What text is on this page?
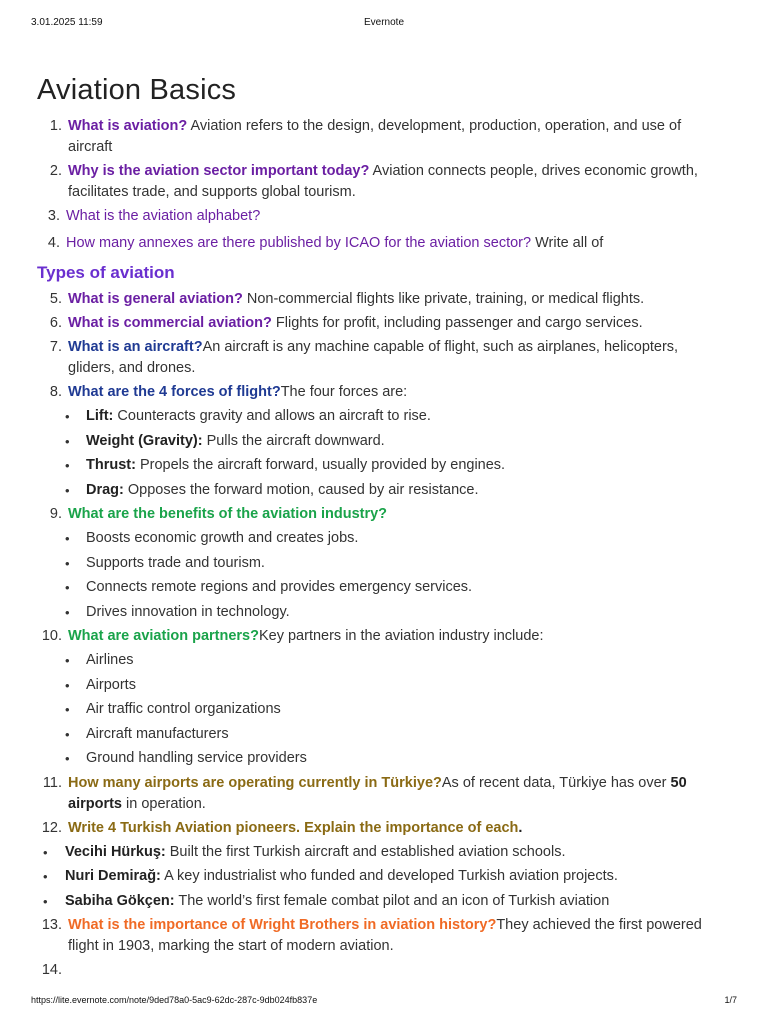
3.01.2025 11:59	Evernote
Aviation Basics
1. What is aviation? Aviation refers to the design, development, production, operation, and use of aircraft
2. Why is the aviation sector important today? Aviation connects people, drives economic growth, facilitates trade, and supports global tourism.
3. What is the aviation alphabet?
4. How many annexes are there published by ICAO for the aviation sector? Write all of
Types of aviation
5. What is general aviation? Non-commercial flights like private, training, or medical flights.
6. What is commercial aviation? Flights for profit, including passenger and cargo services.
7. What is an aircraft?An aircraft is any machine capable of flight, such as airplanes, helicopters, gliders, and drones.
8. What are the 4 forces of flight?The four forces are:
• Lift: Counteracts gravity and allows an aircraft to rise.
• Weight (Gravity): Pulls the aircraft downward.
• Thrust: Propels the aircraft forward, usually provided by engines.
• Drag: Opposes the forward motion, caused by air resistance.
9. What are the benefits of the aviation industry?
• Boosts economic growth and creates jobs.
• Supports trade and tourism.
• Connects remote regions and provides emergency services.
• Drives innovation in technology.
10. What are aviation partners?Key partners in the aviation industry include:
• Airlines
• Airports
• Air traffic control organizations
• Aircraft manufacturers
• Ground handling service providers
11. How many airports are operating currently in Türkiye?As of recent data, Türkiye has over 50 airports in operation.
12. Write 4 Turkish Aviation pioneers. Explain the importance of each.
• Vecihi Hürkuş: Built the first Turkish aircraft and established aviation schools.
• Nuri Demirağ: A key industrialist who funded and developed Turkish aviation projects.
• Sabiha Gökçen: The world’s first female combat pilot and an icon of Turkish aviation
13. What is the importance of Wright Brothers in aviation history?They achieved the first powered flight in 1903, marking the start of modern aviation.
14.
https://lite.evernote.com/note/9ded78a0-5ac9-62dc-287c-9db024fb837e	1/7
